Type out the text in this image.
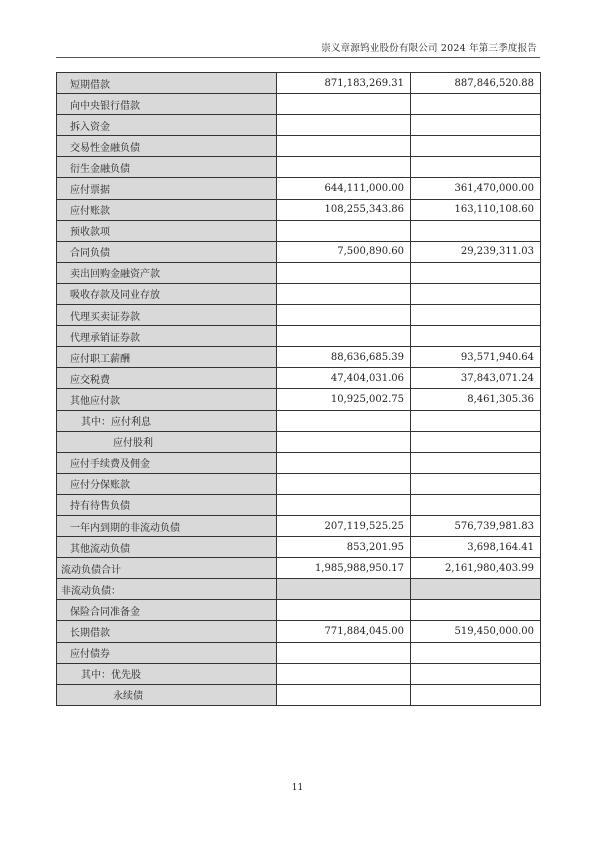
崇义章源钨业股份有限公司 2024 年第三季度报告
短期借款	871,183,269.31	887,846,520.88
向中央银行借款		
拆入资金		
交易性金融负债		
衍生金融负债		
应付票据	644,111,000.00	361,470,000.00
应付账款	108,255,343.86	163,110,108.60
预收款项		
合同负债	7,500,890.60	29,239,311.03
卖出回购金融资产款		
吸收存款及同业存放		
代理买卖证券款		
代理承销证券款		
应付职工薪酬	88,636,685.39	93,571,940.64
应交税费	47,404,031.06	37,843,071.24
其他应付款	10,925,002.75	8,461,305.36
其中：应付利息		
应付股利		
应付手续费及佣金		
应付分保账款		
持有待售负债		
一年内到期的非流动负债	207,119,525.25	576,739,981.83
其他流动负债	853,201.95	3,698,164.41
流动负债合计	1,985,988,950.17	2,161,980,403.99
非流动负债：		
保险合同准备金		
长期借款	771,884,045.00	519,450,000.00
应付债券		
其中：优先股		
永续债		
11
